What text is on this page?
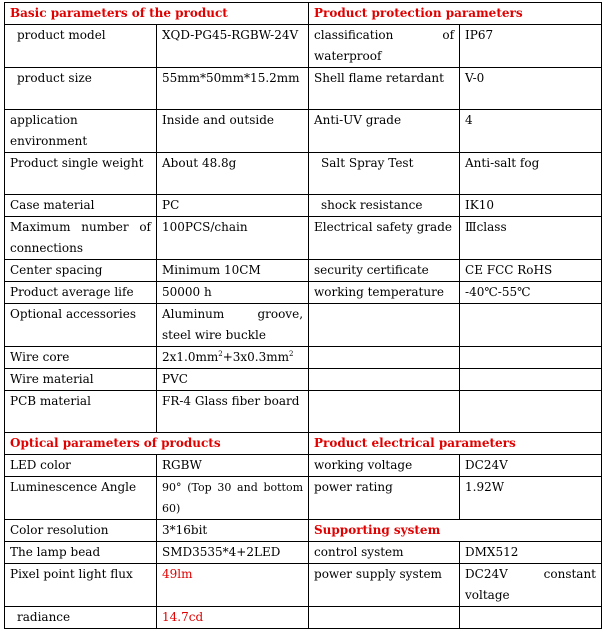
Basic parameters of the product		Product protection parameters	
product model	XQD-PG45-RGBW-24V	classification of waterproof	IP67
product size	55mm*50mm*15.2mm	Shell flame retardant	V-0
application environment	Inside and outside	Anti-UV grade	4
Product single weight	About 48.8g	Salt Spray Test	Anti-salt fog
Case material	PC	shock resistance	IK10
Maximum number of connections	100PCS/chain	Electrical safety grade	Ⅲclass
Center spacing	Minimum 10CM	security certificate	CE FCC RoHS
Product average life	50000 h	working temperature	-40℃-55℃
Optional accessories	Aluminum groove, steel wire buckle		
Wire core	$2x1.0mm^2+3x0.3mm^2$		
Wire material	PVC		
PCB material	FR-4 Glass fiber board		
Optical parameters of products		Product electrical parameters	
LED color	RGBW	working voltage	DC24V
Luminescence Angle	90° (Top 30 and bottom 60)	power rating	1.92W
Color resolution	3*16bit	Supporting system	
The lamp bead	SMD3535*4+2LED	control system	DMX512
Pixel point light flux	49lm	power supply system	DC24V constant voltage
radiance	14.7cd		
